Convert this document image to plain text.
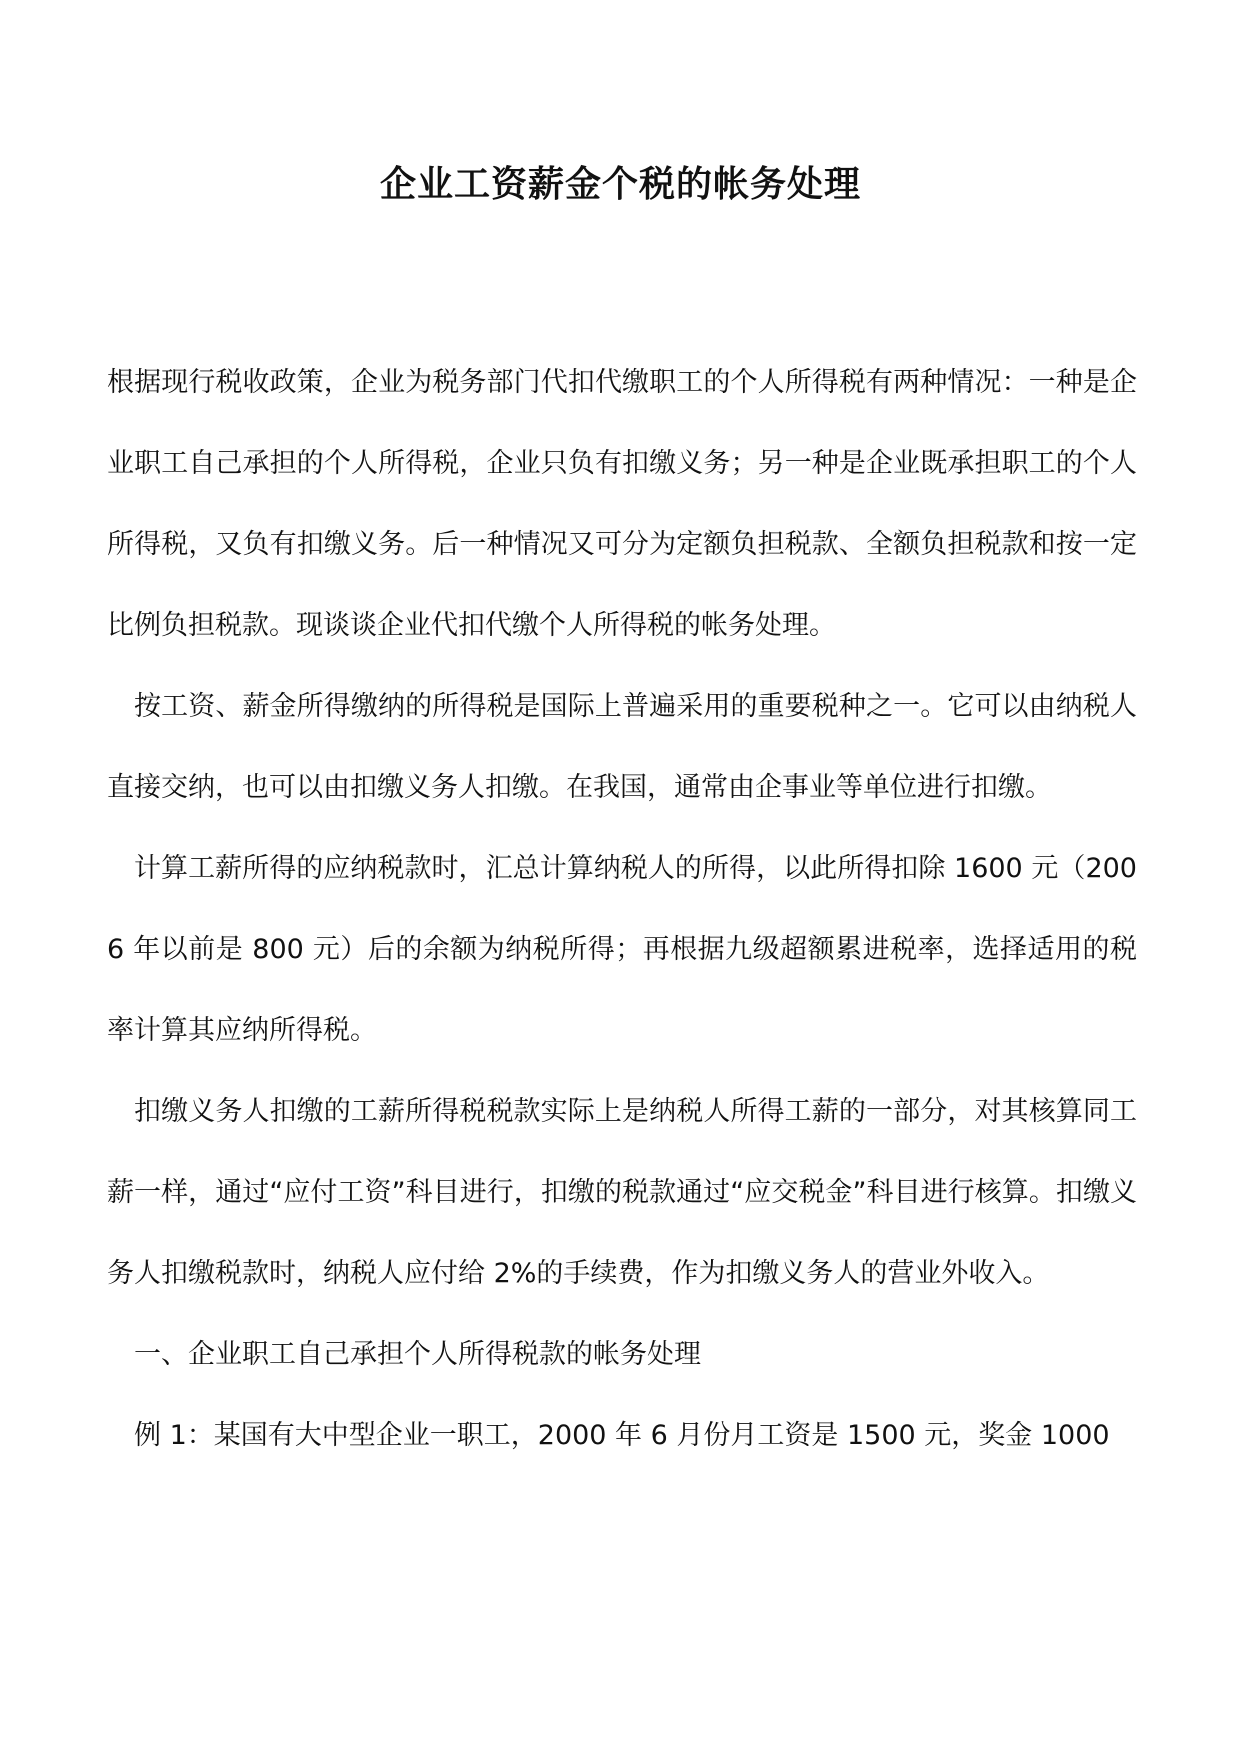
企业工资薪金个税的帐务处理

根据现行税收政策，企业为税务部门代扣代缴职工的个人所得税有两种情况：一种是企业职工自己承担的个人所得税，企业只负有扣缴义务；另一种是企业既承担职工的个人所得税，又负有扣缴义务。后一种情况又可分为定额负担税款、全额负担税款和按一定比例负担税款。现谈谈企业代扣代缴个人所得税的帐务处理。

按工资、薪金所得缴纳的所得税是国际上普遍采用的重要税种之一。它可以由纳税人直接交纳，也可以由扣缴义务人扣缴。在我国，通常由企事业等单位进行扣缴。

计算工薪所得的应纳税款时，汇总计算纳税人的所得，以此所得扣除 1600 元（2006 年以前是 800 元）后的余额为纳税所得；再根据九级超额累进税率，选择适用的税率计算其应纳所得税。

扣缴义务人扣缴的工薪所得税税款实际上是纳税人所得工薪的一部分，对其核算同工薪一样，通过“应付工资”科目进行，扣缴的税款通过“应交税金”科目进行核算。扣缴义务人扣缴税款时，纳税人应付给 2%的手续费，作为扣缴义务人的营业外收入。

一、企业职工自己承担个人所得税款的帐务处理

例 1：某国有大中型企业一职工，2000 年 6 月份月工资是 1500 元，奖金 1000
